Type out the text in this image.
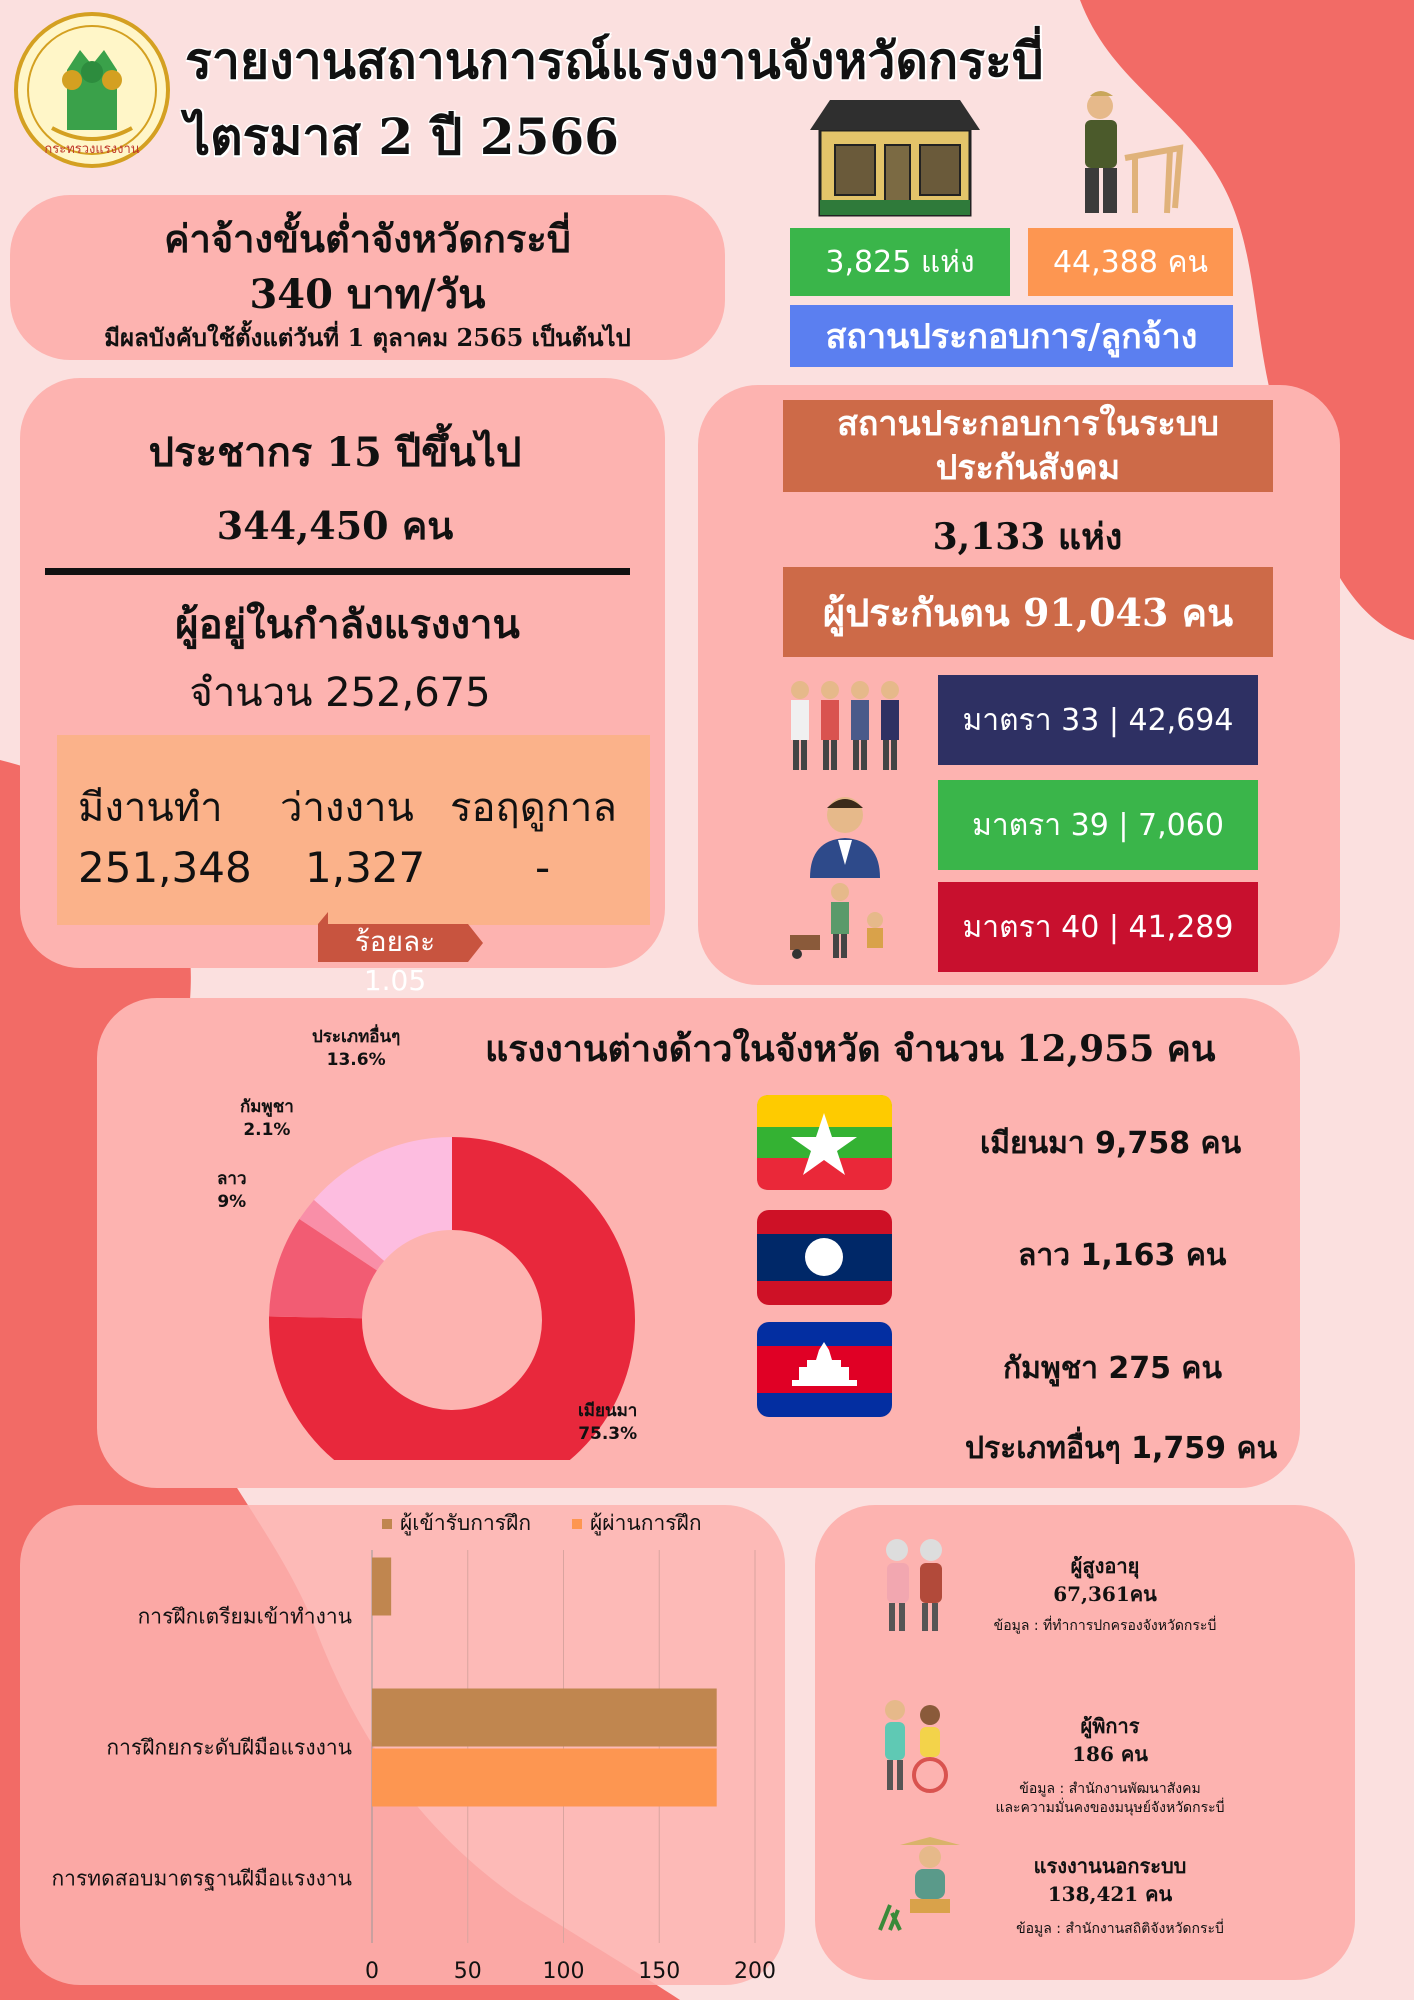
กระทรวงแรงงาน
รายงานสถานการณ์แรงงานจังหวัดกระบี่
ไตรมาส 2 ปี 2566
ค่าจ้างขั้นต่ำจังหวัดกระบี่
340 บาท/วัน
มีผลบังคับใช้ตั้งแต่วันที่ 1 ตุลาคม 2565 เป็นต้นไป
3,825 แห่ง	44,388 คน
สถานประกอบการ/ลูกจ้าง
ประชากร 15 ปีขึ้นไป
344,450 คน
ผู้อยู่ในกำลังแรงงาน
จำนวน 252,675
มีงานทำ
251,348
ว่างงาน
1,327
รอฤดูกาล
-
ร้อยละ 1.05
สถานประกอบการในระบบ
ประกันสังคม
3,133 แห่ง
ผู้ประกันตน 91,043 คน
มาตรา 33 | 42,694
มาตรา 39 | 7,060
มาตรา 40 | 41,289
แรงงานต่างด้าวในจังหวัด จำนวน 12,955 คน
เมียนมา
75.3%
ลาว
9%
กัมพูชา
2.1%
ประเภทอื่นๆ
13.6%
เมียนมา 9,758 คน
ลาว 1,163 คน
กัมพูชา 275 คน
ประเภทอื่นๆ 1,759 คน
ผู้เข้ารับการฝึก	ผู้ผ่านการฝึก
การฝึกเตรียมเข้าทำงาน
การฝึกยกระดับฝีมือแรงงาน
การทดสอบมาตรฐานฝีมือแรงงาน
0	50	100 150 200
ผู้สูงอายุ
67,361คน
ข้อมูล : ที่ทำการปกครองจังหวัดกระบี่
ผู้พิการ
186 คน
ข้อมูล : สำนักงานพัฒนาสังคม
และความมั่นคงของมนุษย์จังหวัดกระบี่
แรงงานนอกระบบ
138,421 คน
ข้อมูล : สำนักงานสถิติจังหวัดกระบี่
